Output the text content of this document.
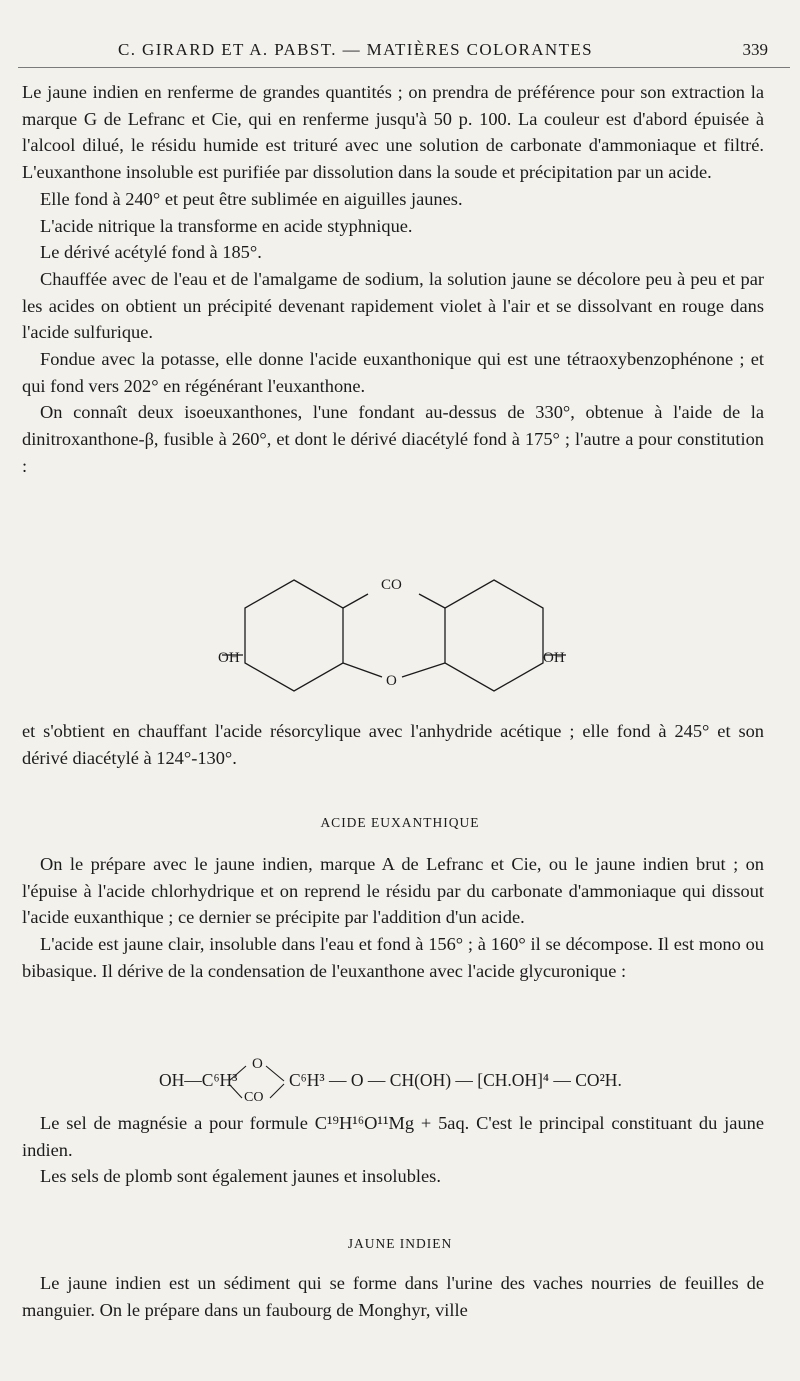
C. GIRARD ET A. PABST. — MATIÈRES COLORANTES	339

Le jaune indien en renferme de grandes quantités ; on prendra de préférence pour son extraction la marque G de Lefranc et Cie, qui en renferme jusqu'à 50 p. 100. La couleur est d'abord épuisée à l'alcool dilué, le résidu humide est trituré avec une solution de carbonate d'ammoniaque et filtré. L'euxanthone insoluble est purifiée par dissolution dans la soude et précipitation par un acide.

Elle fond à 240° et peut être sublimée en aiguilles jaunes.

L'acide nitrique la transforme en acide styphnique.

Le dérivé acétylé fond à 185°.

Chauffée avec de l'eau et de l'amalgame de sodium, la solution jaune se décolore peu à peu et par les acides on obtient un précipité devenant rapidement violet à l'air et se dissolvant en rouge dans l'acide sulfurique.

Fondue avec la potasse, elle donne l'acide euxanthonique qui est une tétraoxybenzophénone ; et qui fond vers 202° en régénérant l'euxanthone.

On connaît deux isoeuxanthones, l'une fondant au-dessus de 330°, obtenue à l'aide de la dinitroxanthone-β, fusible à 260°, et dont le dérivé diacétylé fond à 175° ; l'autre a pour constitution :

CO
O
OH	OH

et s'obtient en chauffant l'acide résorcylique avec l'anhydride acétique ; elle fond à 245° et son dérivé diacétylé à 124°-130°.

ACIDE EUXANTHIQUE

On le prépare avec le jaune indien, marque A de Lefranc et Cie, ou le jaune indien brut ; on l'épuise à l'acide chlorhydrique et on reprend le résidu par du carbonate d'ammoniaque qui dissout l'acide euxanthique ; ce dernier se précipite par l'addition d'un acide.

L'acide est jaune clair, insoluble dans l'eau et fond à 156° ; à 160° il se décompose. Il est mono ou bibasique. Il dérive de la condensation de l'euxanthone avec l'acide glycuronique :

OH—C⁶H³
O
CO
C⁶H³ — O — CH(OH) — [CH.OH]⁴ — CO²H.

Le sel de magnésie a pour formule C¹⁹H¹⁶O¹¹Mg + 5aq. C'est le principal constituant du jaune indien.

Les sels de plomb sont également jaunes et insolubles.

JAUNE INDIEN

Le jaune indien est un sédiment qui se forme dans l'urine des vaches nourries de feuilles de manguier. On le prépare dans un faubourg de Monghyr, ville
